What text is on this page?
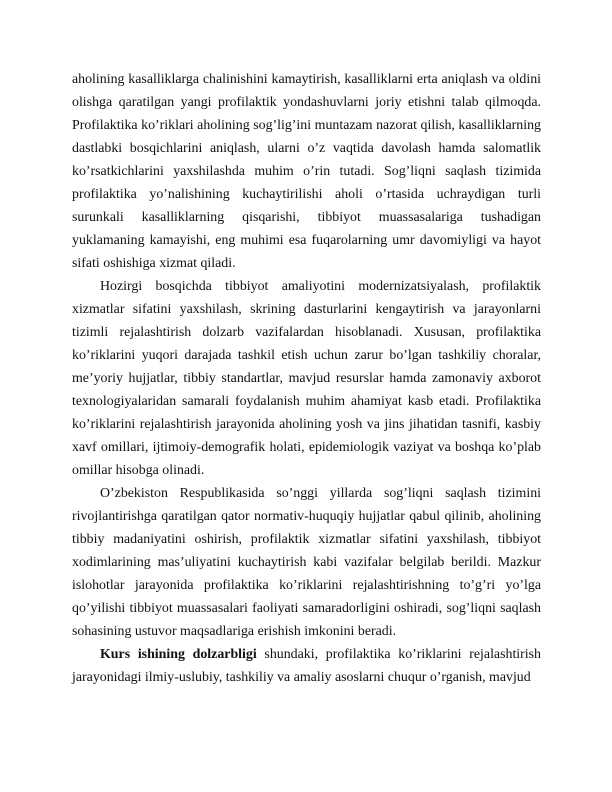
aholining kasalliklarga chalinishini kamaytirish, kasalliklarni erta aniqlash va oldini olishga qaratilgan yangi profilaktik yondashuvlarni joriy etishni talab qilmoqda. Profilaktika ko’riklari aholining sog’lig’ini muntazam nazorat qilish, kasalliklarning dastlabki bosqichlarini aniqlash, ularni o’z vaqtida davolash hamda salomatlik ko’rsatkichlarini yaxshilashda muhim o’rin tutadi. Sog’liqni saqlash tizimida profilaktika yo’nalishining kuchaytirilishi aholi o’rtasida uchraydigan turli surunkali kasalliklarning qisqarishi, tibbiyot muassasalariga tushadigan yuklamaning kamayishi, eng muhimi esa fuqarolarning umr davomiyligi va hayot sifati oshishiga xizmat qiladi.

Hozirgi bosqichda tibbiyot amaliyotini modernizatsiyalash, profilaktik xizmatlar sifatini yaxshilash, skrining dasturlarini kengaytirish va jarayonlarni tizimli rejalashtirish dolzarb vazifalardan hisoblanadi. Xususan, profilaktika ko’riklarini yuqori darajada tashkil etish uchun zarur bo’lgan tashkiliy choralar, me’yoriy hujjatlar, tibbiy standartlar, mavjud resurslar hamda zamonaviy axborot texnologiyalaridan samarali foydalanish muhim ahamiyat kasb etadi. Profilaktika ko’riklarini rejalashtirish jarayonida aholining yosh va jins jihatidan tasnifi, kasbiy xavf omillari, ijtimoiy-demografik holati, epidemiologik vaziyat va boshqa ko’plab omillar hisobga olinadi.

O’zbekiston Respublikasida so’nggi yillarda sog’liqni saqlash tizimini rivojlantirishga qaratilgan qator normativ-huquqiy hujjatlar qabul qilinib, aholining tibbiy madaniyatini oshirish, profilaktik xizmatlar sifatini yaxshilash, tibbiyot xodimlarining mas’uliyatini kuchaytirish kabi vazifalar belgilab berildi. Mazkur islohotlar jarayonida profilaktika ko’riklarini rejalashtirishning to’g’ri yo’lga qo’yilishi tibbiyot muassasalari faoliyati samaradorligini oshiradi, sog’liqni saqlash sohasining ustuvor maqsadlariga erishish imkonini beradi.

Kurs ishining dolzarbligi shundaki, profilaktika ko’riklarini rejalashtirish jarayonidagi ilmiy-uslubiy, tashkiliy va amaliy asoslarni chuqur o’rganish, mavjud
